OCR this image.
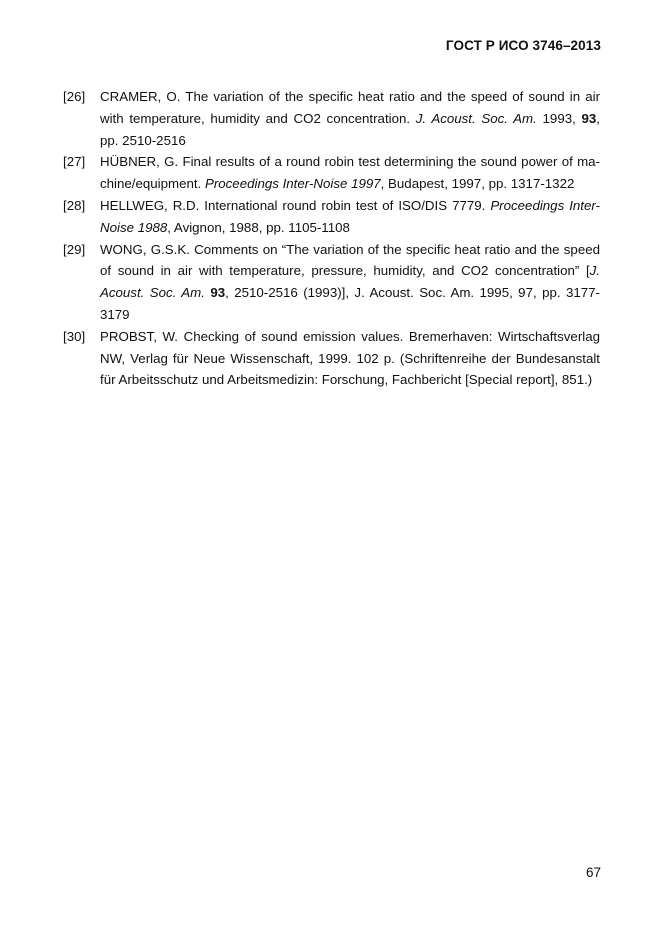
ГОСТ Р ИСО 3746–2013
[26]	CRAMER, O. The variation of the specific heat ratio and the speed of sound in air with temperature, humidity and CO2 concentration. J. Acoust. Soc. Am. 1993, 93, pp. 2510-2516
[27]	HÜBNER, G. Final results of a round robin test determining the sound power of ma-chine/equipment. Proceedings Inter-Noise 1997, Budapest, 1997, pp. 1317-1322
[28]	HELLWEG, R.D. International round robin test of ISO/DIS 7779. Proceedings Inter-Noise 1988, Avignon, 1988, pp. 1105-1108
[29]	WONG, G.S.K. Comments on “The variation of the specific heat ratio and the speed of sound in air with temperature, pressure, humidity, and CO2 concentration” [J. Acoust. Soc. Am. 93, 2510-2516 (1993)], J. Acoust. Soc. Am. 1995, 97, pp. 3177-3179
[30]	PROBST, W. Checking of sound emission values. Bremerhaven: Wirtschaftsverlag NW, Verlag für Neue Wissenschaft, 1999. 102 p. (Schriftenreihe der Bundesanstalt für Arbeitsschutz und Arbeitsmedizin: Forschung, Fachbericht [Special report], 851.)
67
